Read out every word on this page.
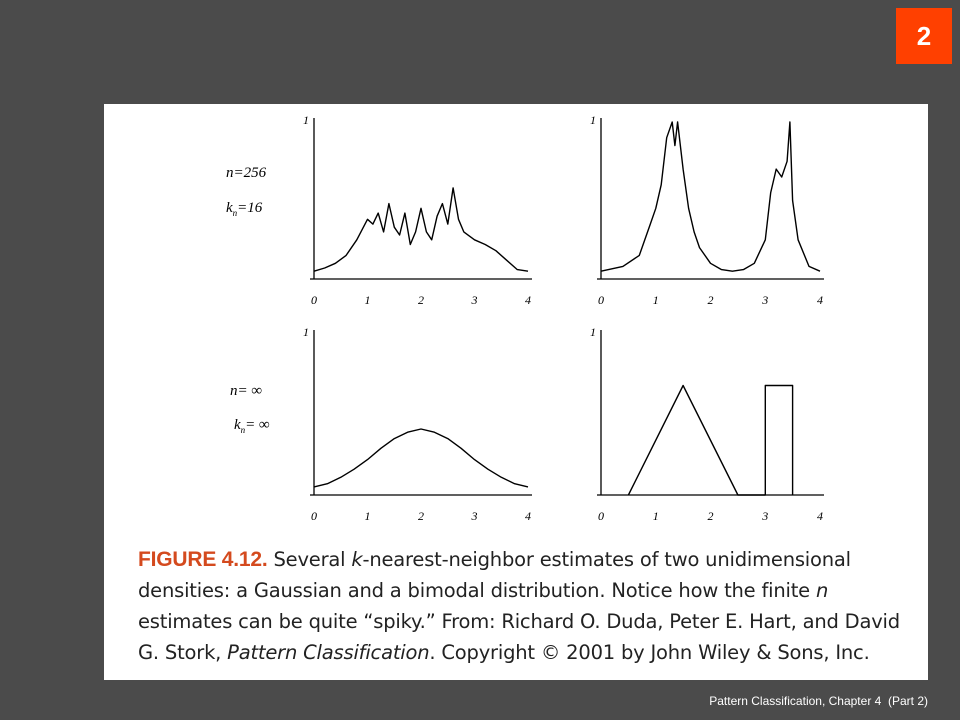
2
n=256
$k_n=16$
n= ∞
$k_n=$ ∞
1
0	1	2	3	4
1
0	1	2	3	4
1
0	1	2	3	4
1
0	1	2	3	4
FIGURE 4.12. Several k-nearest-neighbor estimates of two unidimensional densities: a Gaussian and a bimodal distribution. Notice how the finite n estimates can be quite “spiky.” From: Richard O. Duda, Peter E. Hart, and David G. Stork, Pattern Classification. Copyright © 2001 by John Wiley & Sons, Inc.
Pattern Classification, Chapter 4  (Part 2)
